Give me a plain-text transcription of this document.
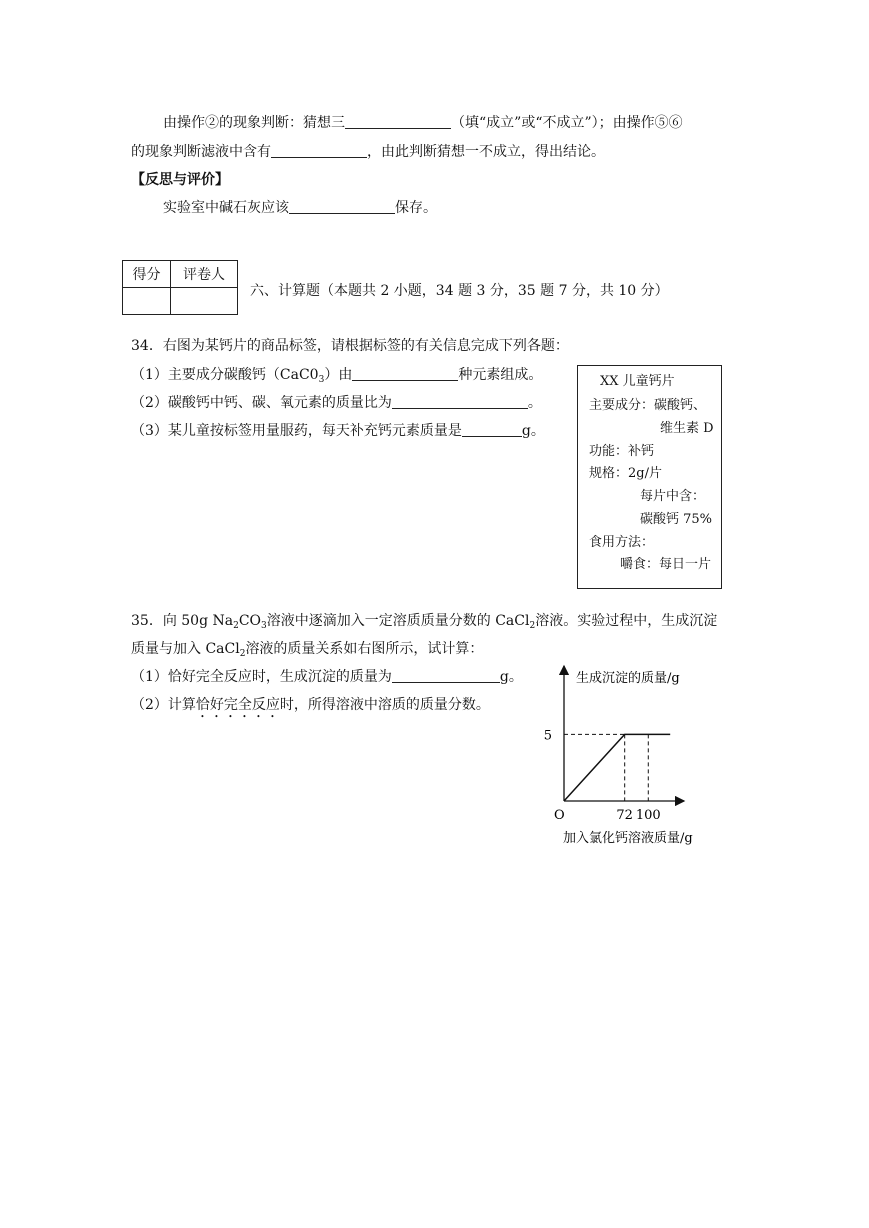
由操作②的现象判断：猜想三	（填“成立”或“不成立”）；由操作⑤⑥
的现象判断滤液中含有	，由此判断猜想一不成立，得出结论。
【反思与评价】
实验室中碱石灰应该	保存。
得分	评卷人

六、计算题（本题共 2 小题，34 题 3 分，35 题 7 分，共 10 分）
34．右图为某钙片的商品标签，请根据标签的有关信息完成下列各题：
（1）主要成分碳酸钙$(CaC0_3)$由	种元素组成。
（2）碳酸钙中钙、碳、氧元素的质量比为	。
（3）某儿童按标签用量服药，每天补充钙元素质量是	g。
XX 儿童钙片
主要成分：碳酸钙、
维生素 D
功能：补钙
规格：2g/片
每片中含：
碳酸钙 75%
食用方法：
嚼食：每日一片
35．向 50g $Na_2CO_3$溶液中逐滴加入一定溶质质量分数的 CaCl$_2$溶液。实验过程中，生成沉淀
质量与加入 CaCl$_2$溶液的质量关系如右图所示，试计算：
（1）恰好完全反应时，生成沉淀的质量为	g。
（2）计算恰好完全反应时，所得溶液中溶质的质量分数。
72 100
5
生成沉淀的质量/g
O
加入氯化钙溶液质量/g
